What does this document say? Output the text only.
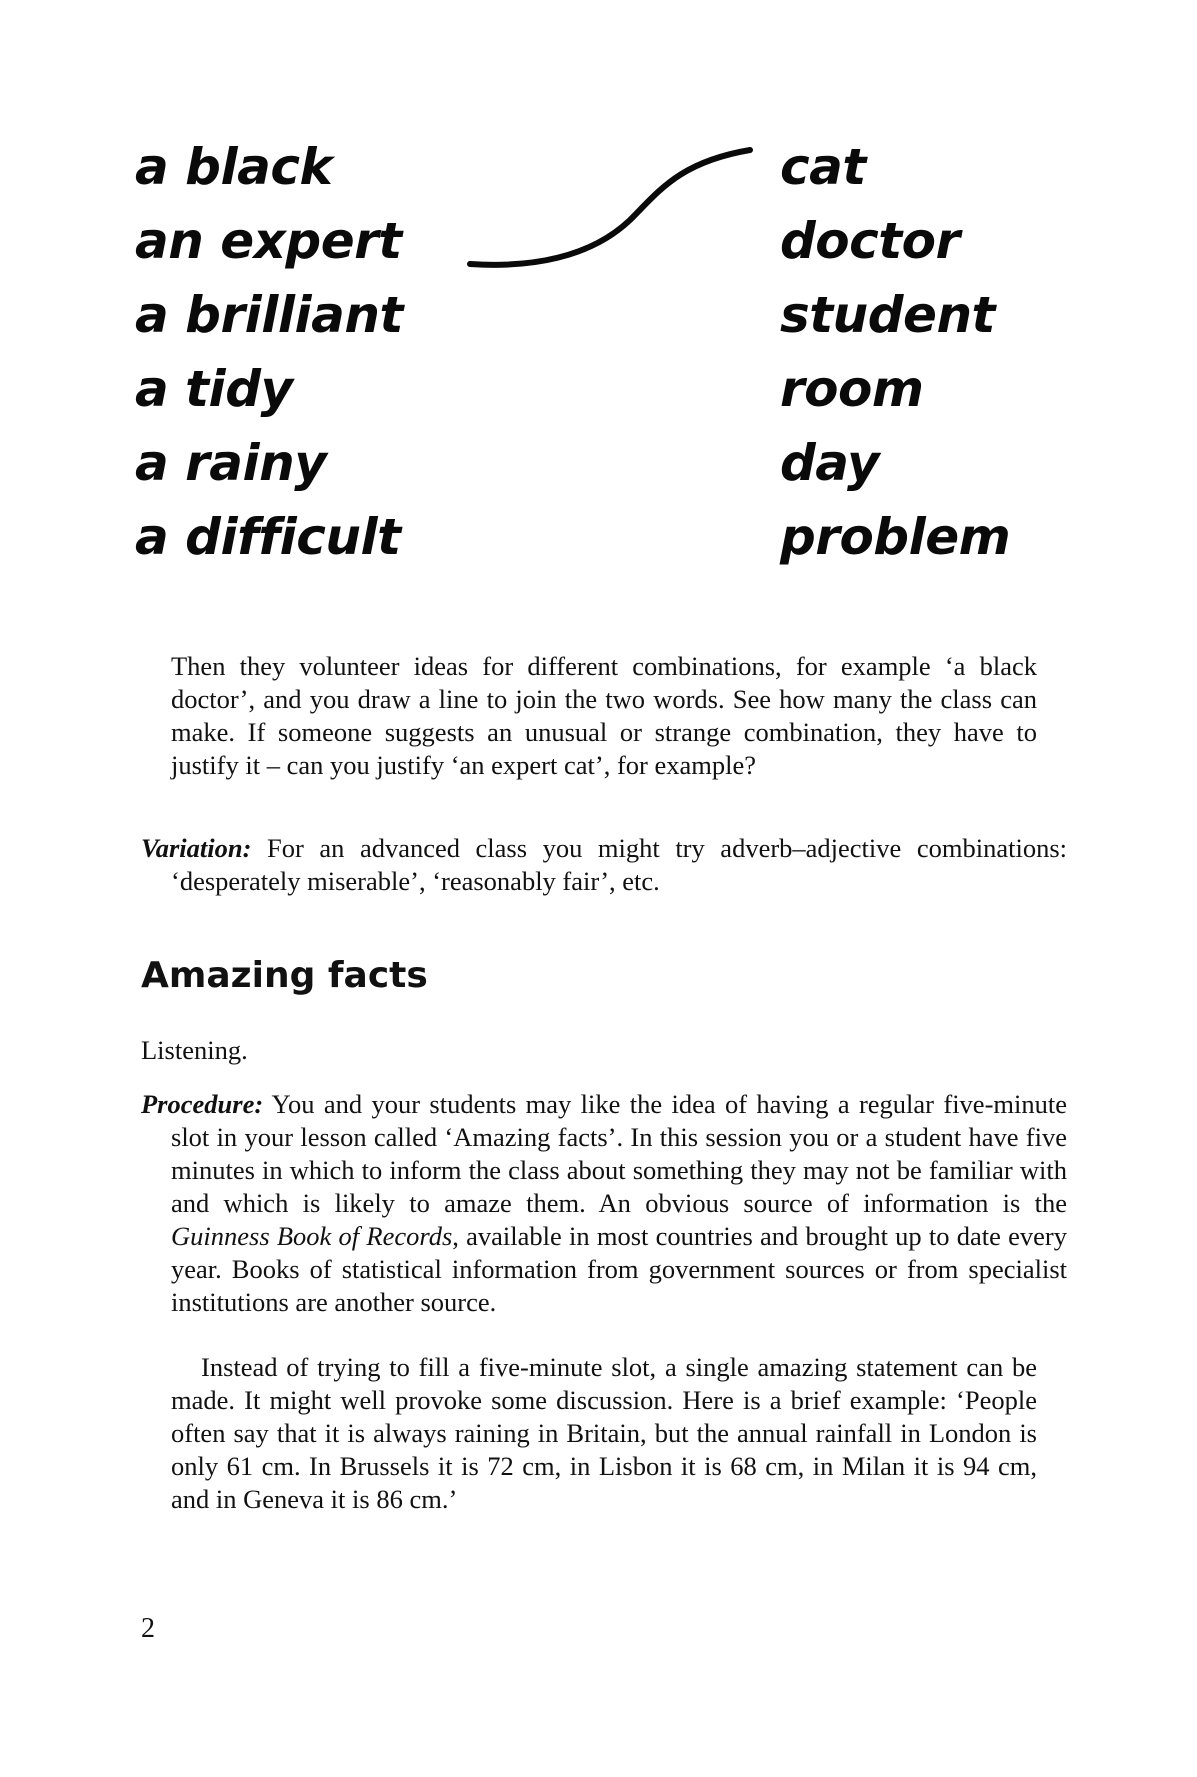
a black
an expert
a brilliant
a tidy
a rainy
a difficult
cat
doctor
student
room
day
problem

Then they volunteer ideas for different combinations, for example ‘a black doctor’, and you draw a line to join the two words. See how many the class can make. If someone suggests an unusual or strange combination, they have to justify it – can you justify ‘an expert cat’, for example?

Variation: For an advanced class you might try adverb–adjective combinations: ‘desperately miserable’, ‘reasonably fair’, etc.

Amazing facts

Listening.

Procedure: You and your students may like the idea of having a regular five-minute slot in your lesson called ‘Amazing facts’. In this session you or a student have five minutes in which to inform the class about something they may not be familiar with and which is likely to amaze them. An obvious source of information is the Guinness Book of Records, available in most countries and brought up to date every year. Books of statistical information from government sources or from specialist institutions are another source.

Instead of trying to fill a five-minute slot, a single amazing statement can be made. It might well provoke some discussion. Here is a brief example: ‘People often say that it is always raining in Britain, but the annual rainfall in London is only 61 cm. In Brussels it is 72 cm, in Lisbon it is 68 cm, in Milan it is 94 cm, and in Geneva it is 86 cm.’

2
